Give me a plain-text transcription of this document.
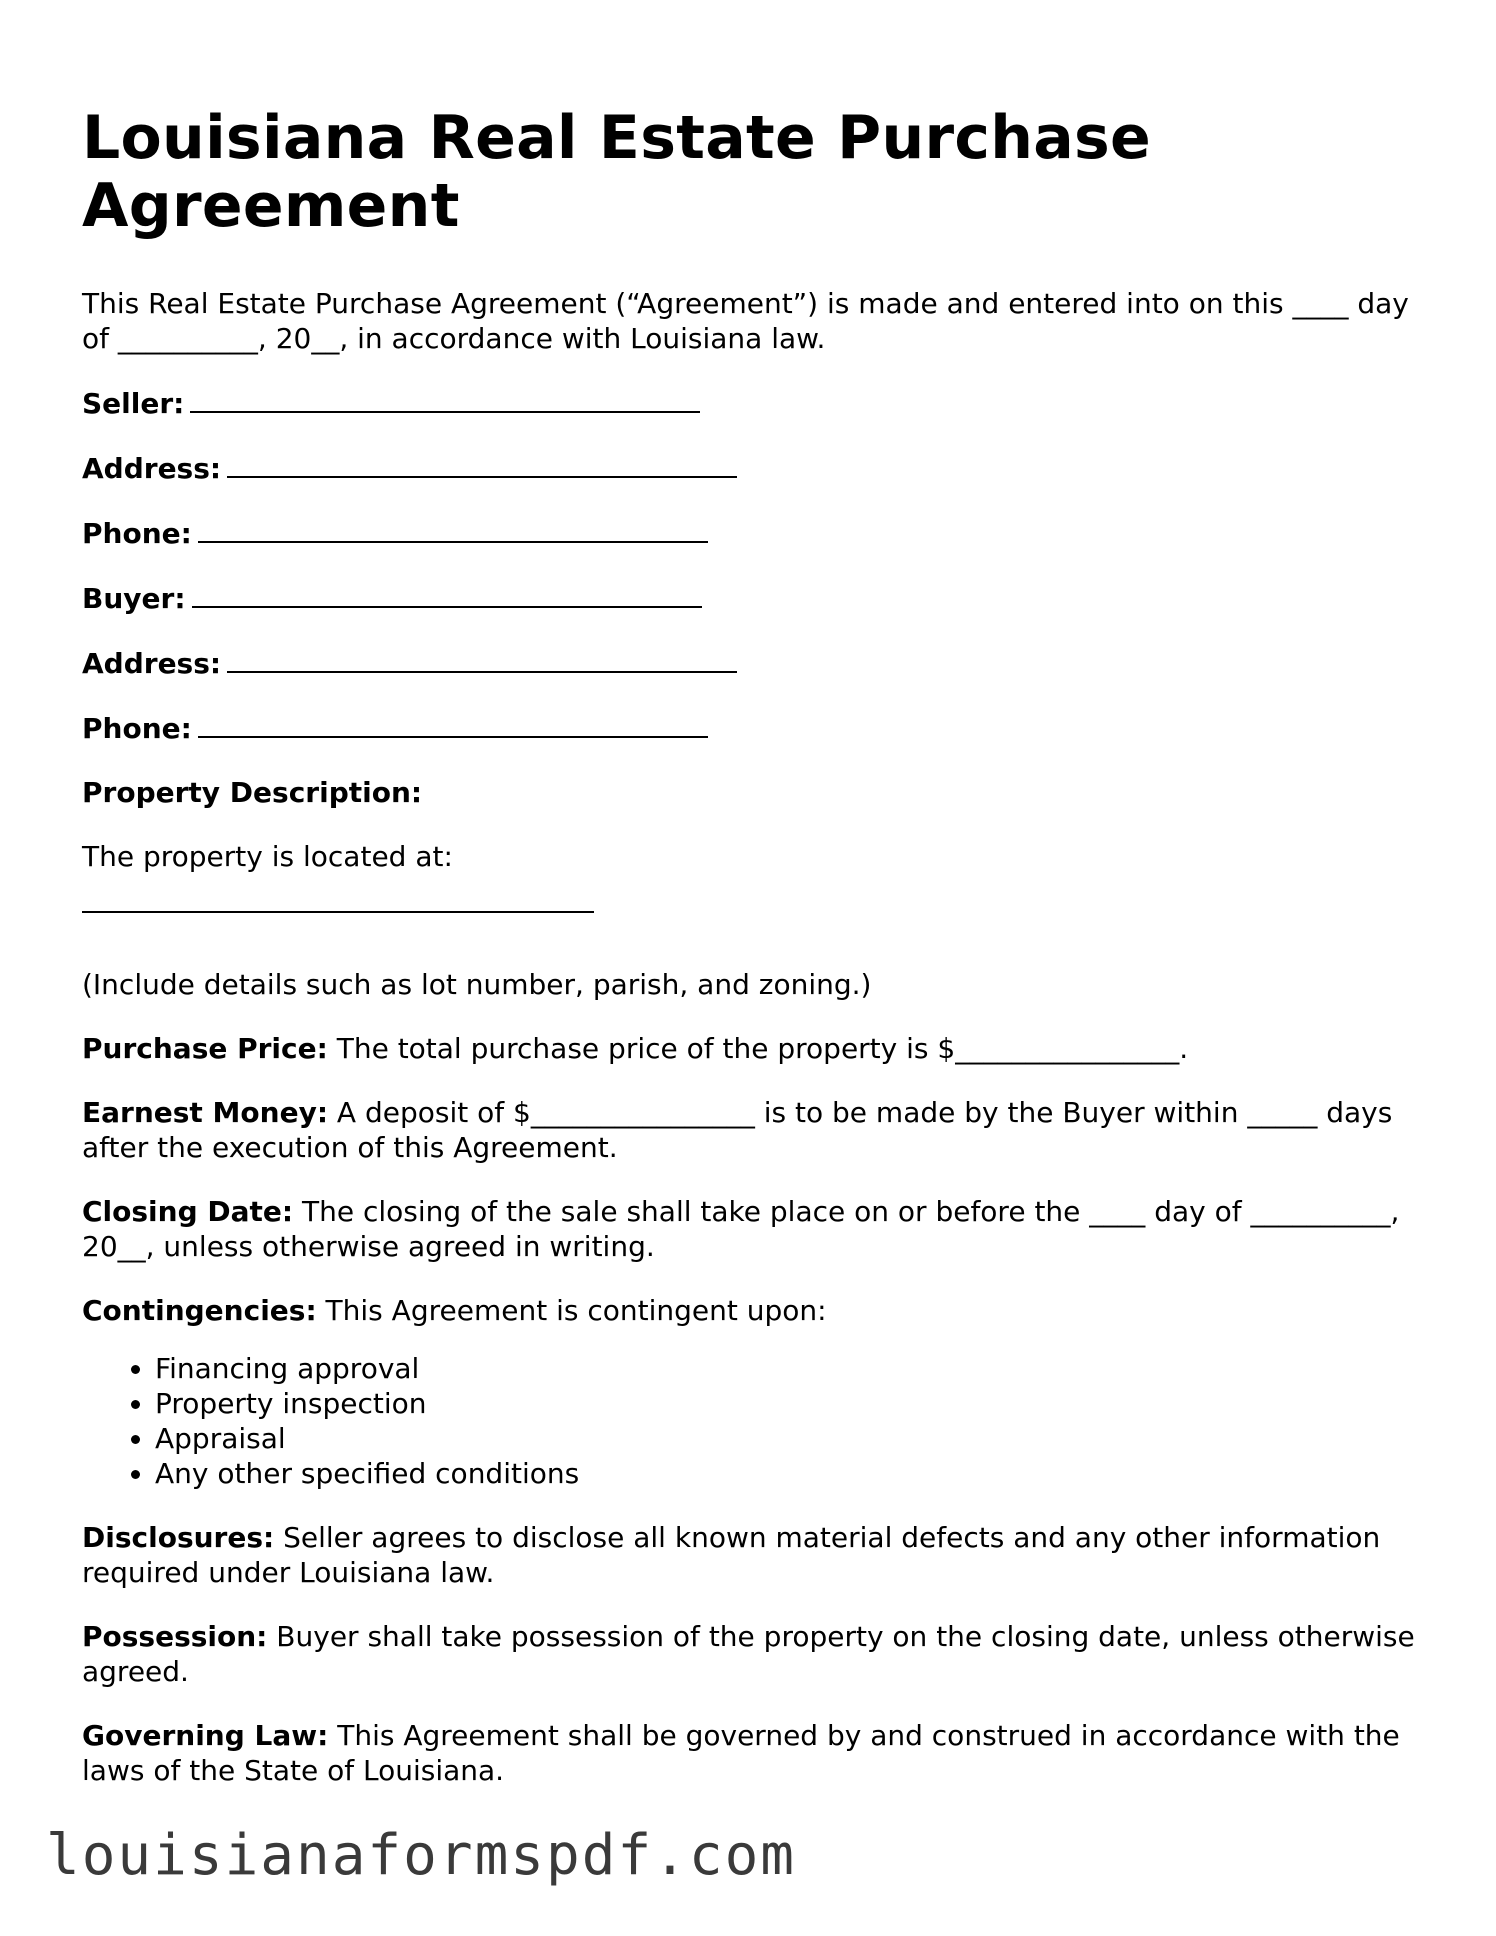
Louisiana Real Estate Purchase Agreement

This Real Estate Purchase Agreement (“Agreement”) is made and entered into on this ____ day of __________, 20__, in accordance with Louisiana law.

Seller:

Address:

Phone:

Buyer:

Address:

Phone:

Property Description:

The property is located at:

(Include details such as lot number, parish, and zoning.)

Purchase Price: The total purchase price of the property is $________________.

Earnest Money: A deposit of $________________ is to be made by the Buyer within _____ days after the execution of this Agreement.

Closing Date: The closing of the sale shall take place on or before the ____ day of __________, 20__, unless otherwise agreed in writing.

Contingencies: This Agreement is contingent upon:

• Financing approval
• Property inspection
• Appraisal
• Any other specified conditions

Disclosures: Seller agrees to disclose all known material defects and any other information required under Louisiana law.

Possession: Buyer shall take possession of the property on the closing date, unless otherwise agreed.

Governing Law: This Agreement shall be governed by and construed in accordance with the laws of the State of Louisiana.

louisianaformspdf.com
